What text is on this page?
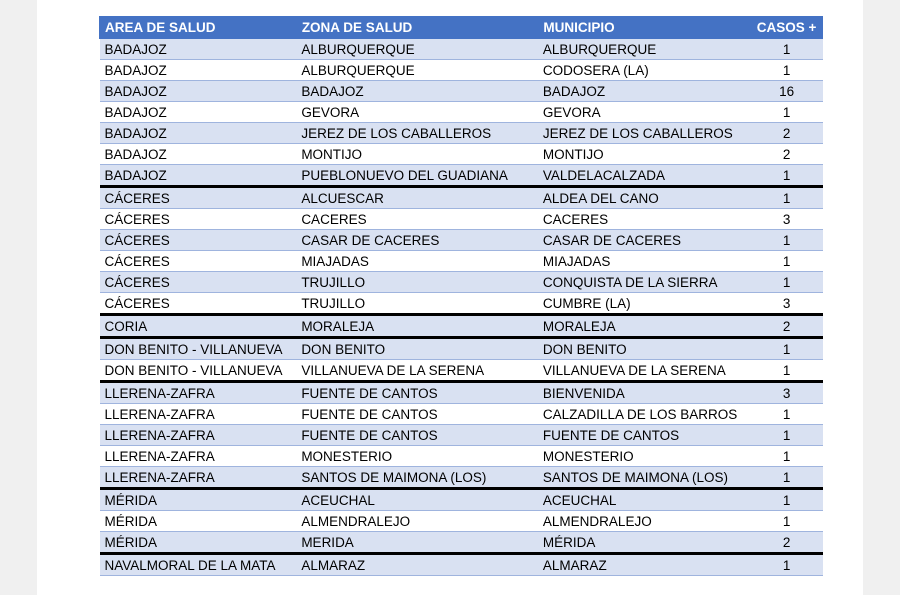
AREA DE SALUD	ZONA DE SALUD	MUNICIPIO	CASOS +
BADAJOZ	ALBURQUERQUE	ALBURQUERQUE	1
BADAJOZ	ALBURQUERQUE	CODOSERA (LA)	1
BADAJOZ	BADAJOZ	BADAJOZ	16
BADAJOZ	GEVORA	GEVORA	1
BADAJOZ	JEREZ DE LOS CABALLEROS	JEREZ DE LOS CABALLEROS	2
BADAJOZ	MONTIJO	MONTIJO	2
BADAJOZ	PUEBLONUEVO DEL GUADIANA	VALDELACALZADA	1
CÁCERES	ALCUESCAR	ALDEA DEL CANO	1
CÁCERES	CACERES	CACERES	3
CÁCERES	CASAR DE CACERES	CASAR DE CACERES	1
CÁCERES	MIAJADAS	MIAJADAS	1
CÁCERES	TRUJILLO	CONQUISTA DE LA SIERRA	1
CÁCERES	TRUJILLO	CUMBRE (LA)	3
CORIA	MORALEJA	MORALEJA	2
DON BENITO - VILLANUEVA	DON BENITO	DON BENITO	1
DON BENITO - VILLANUEVA	VILLANUEVA DE LA SERENA	VILLANUEVA DE LA SERENA	1
LLERENA-ZAFRA	FUENTE DE CANTOS	BIENVENIDA	3
LLERENA-ZAFRA	FUENTE DE CANTOS	CALZADILLA DE LOS BARROS	1
LLERENA-ZAFRA	FUENTE DE CANTOS	FUENTE DE CANTOS	1
LLERENA-ZAFRA	MONESTERIO	MONESTERIO	1
LLERENA-ZAFRA	SANTOS DE MAIMONA (LOS)	SANTOS DE MAIMONA (LOS)	1
MÉRIDA	ACEUCHAL	ACEUCHAL	1
MÉRIDA	ALMENDRALEJO	ALMENDRALEJO	1
MÉRIDA	MERIDA	MÉRIDA	2
NAVALMORAL DE LA MATA	ALMARAZ	ALMARAZ	1
